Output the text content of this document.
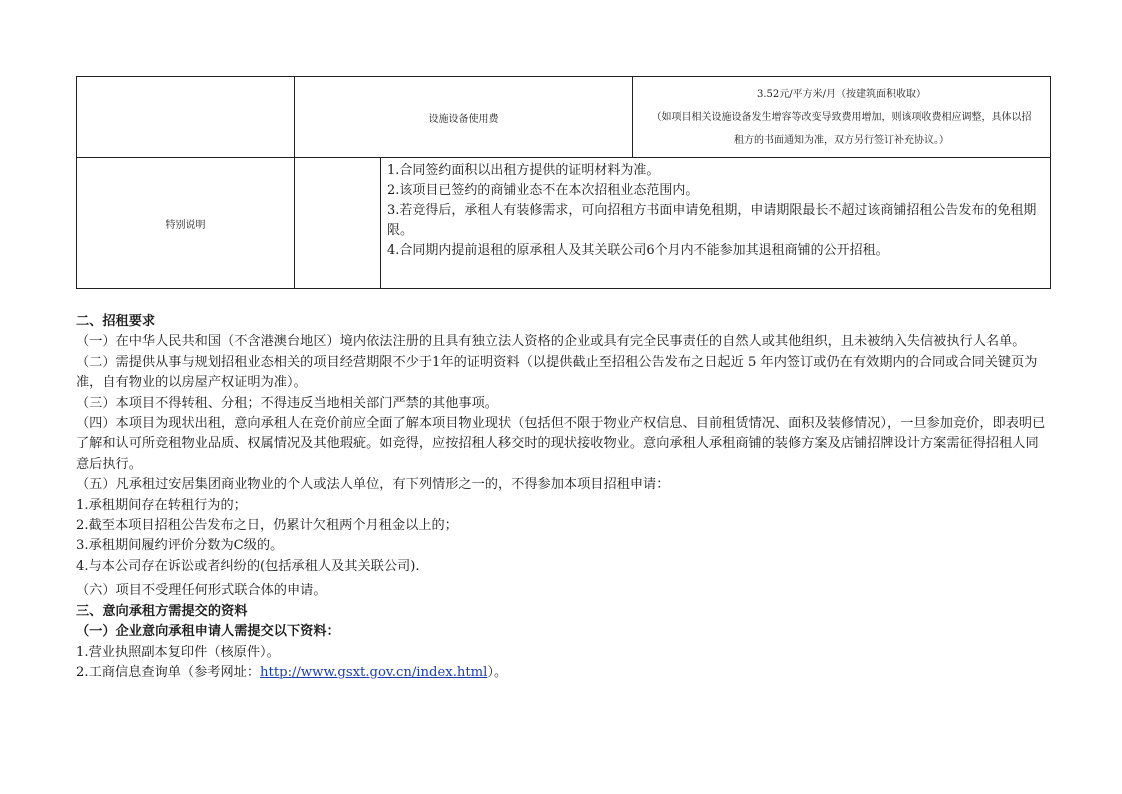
	设施设备使用费		3.52元/平方米/月（按建筑面积收取）
（如项目相关设施设备发生增容等改变导致费用增加，则该项收费相应调整，具体以招
租方的书面通知为准，双方另行签订补充协议。）

特别说明		1.合同签约面积以出租方提供的证明材料为准。
2.该项目已签约的商铺业态不在本次招租业态范围内。
3.若竞得后，承租人有装修需求，可向招租方书面申请免租期，申请期限最长不超过该商铺招租公告发布的免租期限。
4.合同期内提前退租的原承租人及其关联公司6个月内不能参加其退租商铺的公开招租。	

二、招租要求

（一）在中华人民共和国（不含港澳台地区）境内依法注册的且具有独立法人资格的企业或具有完全民事责任的自然人或其他组织，且未被纳入失信被执行人名单。

（二）需提供从事与规划招租业态相关的项目经营期限不少于1年的证明资料（以提供截止至招租公告发布之日起近 5 年内签订或仍在有效期内的合同或合同关键页为准，自有物业的以房屋产权证明为准）。

（三）本项目不得转租、分租；不得违反当地相关部门严禁的其他事项。

（四）本项目为现状出租，意向承租人在竞价前应全面了解本项目物业现状（包括但不限于物业产权信息、目前租赁情况、面积及装修情况），一旦参加竞价，即表明已了解和认可所竞租物业品质、权属情况及其他瑕疵。如竞得，应按招租人移交时的现状接收物业。意向承租人承租商铺的装修方案及店铺招牌设计方案需征得招租人同意后执行。

（五）凡承租过安居集团商业物业的个人或法人单位，有下列情形之一的，不得参加本项目招租申请：

1.承租期间存在转租行为的；

2.截至本项目招租公告发布之日，仍累计欠租两个月租金以上的；

3.承租期间履约评价分数为C级的。

4.与本公司存在诉讼或者纠纷的(包括承租人及其关联公司).

（六）项目不受理任何形式联合体的申请。

三、意向承租方需提交的资料

（一）企业意向承租申请人需提交以下资料：

1.营业执照副本复印件（核原件）。

2.工商信息查询单（参考网址：http://www.gsxt.gov.cn/index.html）。
